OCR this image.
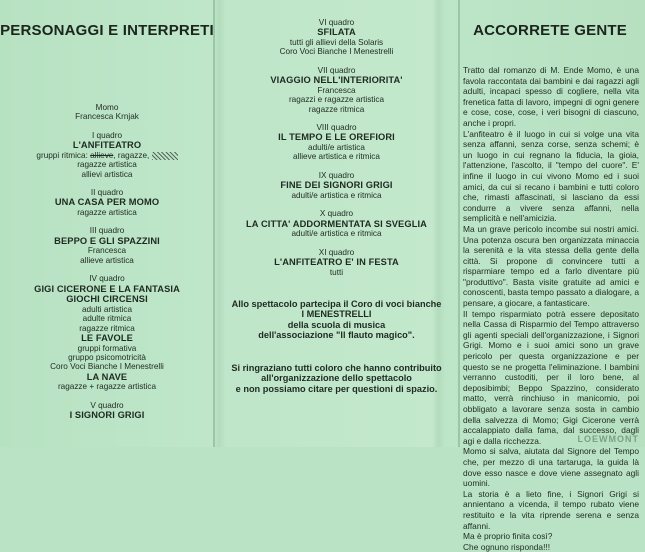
PERSONAGGI E INTERPRETI
Momo
Francesca Krnjak
I quadro
L'ANFITEATRO
gruppi ritmica: allieve, ragazze,
ragazze artistica
allievi artistica
II quadro
UNA CASA PER MOMO
ragazze artistica
III quadro
BEPPO E GLI SPAZZINI
Francesca
allieve artistica
IV quadro
GIGI CICERONE E LA FANTASIA
GIOCHI CIRCENSI
adulti artistica
adulte ritmica
ragazze ritmica
LE FAVOLE
gruppi formativa
gruppo psicomotricità
Coro Voci Bianche I Menestrelli
LA NAVE
ragazze + ragazze artistica
V quadro
I SIGNORI GRIGI
VI quadro
SFILATA
tutti gli allievi della Solaris
Coro Voci Bianche I Menestrelli
VII quadro
VIAGGIO NELL'INTERIORITA'
Francesca
ragazzi e ragazze artistica
ragazze ritmica
VIII quadro
IL TEMPO E LE OREFIORI
adulti/e artistica
allieve artistica e ritmica
IX quadro
FINE DEI SIGNORI GRIGI
adulti/e artistica e ritmica
X quadro
LA CITTA' ADDORMENTATA SI SVEGLIA
adulti/e artistica e ritmica
XI quadro
L'ANFITEATRO E' IN FESTA
tutti
Allo spettacolo partecipa il Coro di voci bianche
I MENESTRELLI
della scuola di musica
dell'associazione "Il flauto magico".
Si ringraziano tutti coloro che hanno contribuito
all'organizzazione dello spettacolo
e non possiamo citare per questioni di spazio.
ACCORRETE GENTE

Tratto dal romanzo di M. Ende Momo, è una favola raccontata dai bambini e dai ragazzi agli adulti, incapaci spesso di cogliere, nella vita frenetica fatta di lavoro, impegni di ogni genere e cose, cose, cose, i veri bisogni di ciascuno, anche i propri.

L'anfiteatro è il luogo in cui si volge una vita senza affanni, senza corse, senza schemi; è un luogo in cui regnano la fiducia, la gioia, l'attenzione, l'ascolto, il "tempo del cuore". E' infine il luogo in cui vivono Momo ed i suoi amici, da cui si recano i bambini e tutti coloro che, rimasti affascinati, si lasciano da essi condurre a vivere senza affanni, nella semplicità e nell'amicizia.

Ma un grave pericolo incombe sui nostri amici. Una potenza oscura ben organizzata minaccia la serenità e la vita stessa della gente della città. Si propone di convincere tutti a risparmiare tempo ed a farlo diventare più "produttivo". Basta visite gratuite ad amici e conoscenti, basta tempo passato a dialogare, a pensare, a giocare, a fantasticare.

Il tempo risparmiato potrà essere depositato nella Cassa di Risparmio del Tempo attraverso gli agenti speciali dell'organizzazione, i Signori Grigi. Momo e i suoi amici sono un grave pericolo per questa organizzazione e per questo se ne progetta l'eliminazione. I bambini verranno custoditi, per il loro bene, al deposibimbi; Beppo Spazzino, considerato matto, verrà rinchiuso in manicomio, poi obbligato a lavorare senza sosta in cambio della salvezza di Momo; Gigi Cicerone verrà accalappiato dalla fama, dal successo, dagli agi e dalla ricchezza.

Momo si salva, aiutata dal Signore del Tempo che, per mezzo di una tartaruga, la guida là dove esso nasce e dove viene assegnato agli uomini.

La storia è a lieto fine, i Signori Grigi si annientano a vicenda, il tempo rubato viene restituito e la vita riprende serena e senza affanni.

Ma è proprio finita così?

Che ognuno risponda!!!

LOEWMONT
